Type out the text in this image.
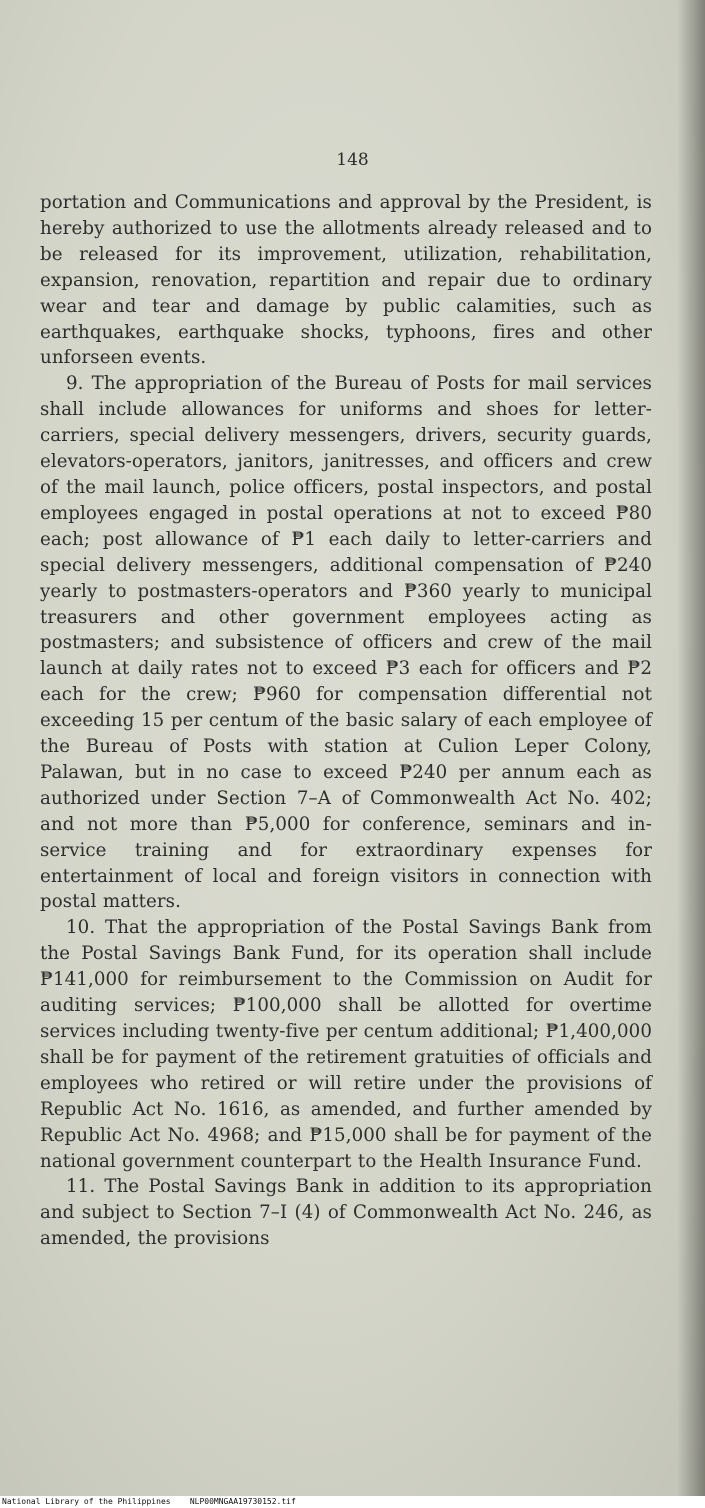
148

portation and Communications and approval by the President, is hereby authorized to use the allotments already released and to be released for its improvement, utilization, rehabilitation, expansion, renovation, repartition and repair due to ordinary wear and tear and damage by public calamities, such as earthquakes, earthquake shocks, typhoons, fires and other unforseen events.

9. The appropriation of the Bureau of Posts for mail services shall include allowances for uniforms and shoes for letter-carriers, special delivery messengers, drivers, security guards, elevators-operators, janitors, janitresses, and officers and crew of the mail launch, police officers, postal inspectors, and postal employees engaged in postal operations at not to exceed ₱80 each; post allowance of ₱1 each daily to letter-carriers and special delivery messengers, additional compensation of ₱240 yearly to postmasters-operators and ₱360 yearly to municipal treasurers and other government employees acting as postmasters; and subsistence of officers and crew of the mail launch at daily rates not to exceed ₱3 each for officers and ₱2 each for the crew; ₱960 for compensation differential not exceeding 15 per centum of the basic salary of each employee of the Bureau of Posts with station at Culion Leper Colony, Palawan, but in no case to exceed ₱240 per annum each as authorized under Section 7–A of Commonwealth Act No. 402; and not more than ₱5,000 for conference, seminars and in-service training and for extraordinary expenses for entertainment of local and foreign visitors in connection with postal matters.

10. That the appropriation of the Postal Savings Bank from the Postal Savings Bank Fund, for its operation shall include ₱141,000 for reimbursement to the Commission on Audit for auditing services; ₱100,000 shall be allotted for overtime services including twenty-five per centum additional; ₱1,400,000 shall be for payment of the retirement gratuities of officials and employees who retired or will retire under the provisions of Republic Act No. 1616, as amended, and further amended by Republic Act No. 4968; and ₱15,000 shall be for payment of the national government counterpart to the Health Insurance Fund.

11. The Postal Savings Bank in addition to its appropriation and subject to Section 7–I (4) of Commonwealth Act No. 246, as amended, the provisions

National Library of the Philippines NLP00MNGAA19730152.tif
